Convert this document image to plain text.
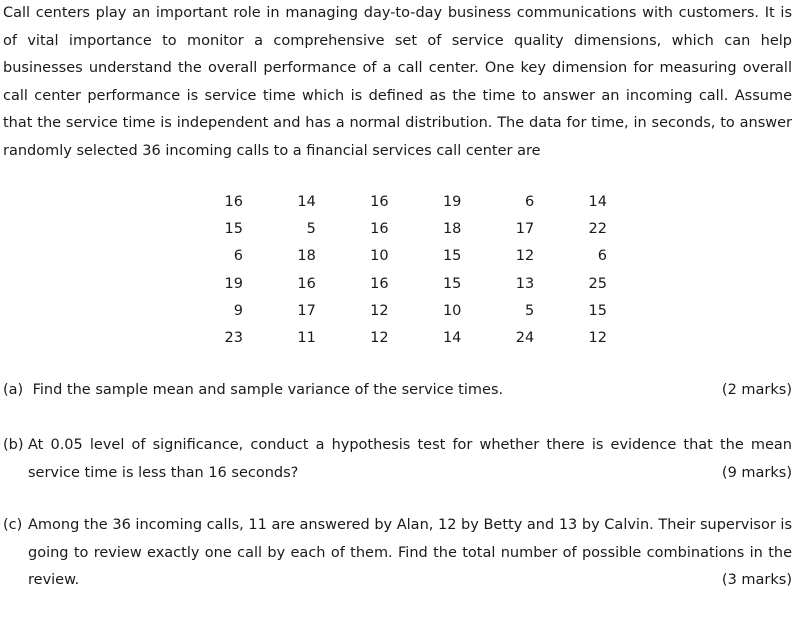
Call centers play an important role in managing day-to-day business communications with customers. It is of vital importance to monitor a comprehensive set of service quality dimensions, which can help businesses understand the overall performance of a call center. One key dimension for measuring overall call center performance is service time which is defined as the time to answer an incoming call. Assume that the service time is independent and has a normal distribution. The data for time, in seconds, to answer randomly selected 36 incoming calls to a financial services call center are

16	14	16	19	6	14
15	5	16	18	17	22
6	18	10	15	12	6
19	16	16	15	13	25
9	17	12	10	5	15
23	11	12	14	24	12
(a) Find the sample mean and sample variance of the service times.	(2 marks)
(b) At 0.05 level of significance, conduct a hypothesis test for whether there is evidence that the mean
service time is less than 16 seconds?	(9 marks)
(c) Among the 36 incoming calls, 11 are answered by Alan, 12 by Betty and 13 by Calvin. Their supervisor is
going to review exactly one call by each of them. Find the total number of possible combinations in the
review.	(3 marks)
